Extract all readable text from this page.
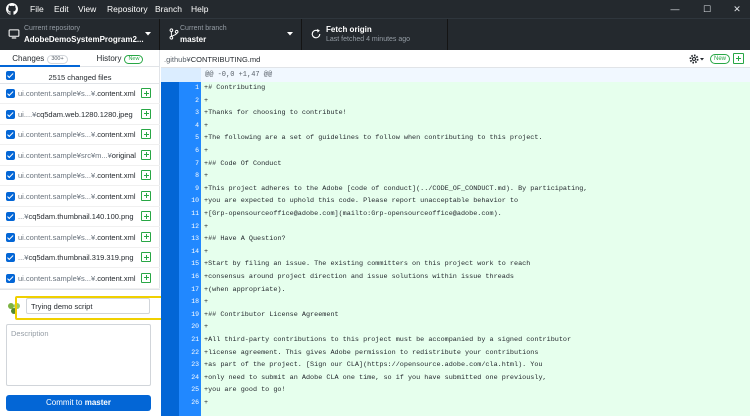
File Edit View Repository Branch Help	—	☐	✕
Current repository
AdobeDemoSystemProgram2...
Current branch
master
Fetch origin
Last fetched 4 minutes ago
Changes 300+	History New
2515 changed files
ui.content.sample¥s...¥.content.xml
ui....¥cq5dam.web.1280.1280.jpeg
ui.content.sample¥s...¥.content.xml
ui.content.sample¥src¥m...¥original
ui.content.sample¥s...¥.content.xml
ui.content.sample¥s...¥.content.xml
...¥cq5dam.thumbnail.140.100.png
ui.content.sample¥s...¥.content.xml
...¥cq5dam.thumbnail.319.319.png
ui.content.sample¥s...¥.content.xml
Trying demo script
Description
Commit to master
.github¥CONTRIBUTING.md	New
@@ -0,0 +1,47 @@
1 +# Contributing
2 +
3 +Thanks for choosing to contribute!
4 +
5 +The following are a set of guidelines to follow when contributing to this project.
6 +
7 +## Code Of Conduct
8 +
9 +This project adheres to the Adobe [code of conduct](../CODE_OF_CONDUCT.md). By participating,
10 +you are expected to uphold this code. Please report unacceptable behavior to
11 +[Grp-opensourceoffice@adobe.com](mailto:Grp-opensourceoffice@adobe.com).
12 +
13 +## Have A Question?
14 +
15 +Start by filing an issue. The existing committers on this project work to reach
16 +consensus around project direction and issue solutions within issue threads
17 +(when appropriate).
18 +
19 +## Contributor License Agreement
20 +
21 +All third-party contributions to this project must be accompanied by a signed contributor
22 +license agreement. This gives Adobe permission to redistribute your contributions
23 +as part of the project. [Sign our CLA](https://opensource.adobe.com/cla.html). You
24 +only need to submit an Adobe CLA one time, so if you have submitted one previously,
25 +you are good to go!
26 +
